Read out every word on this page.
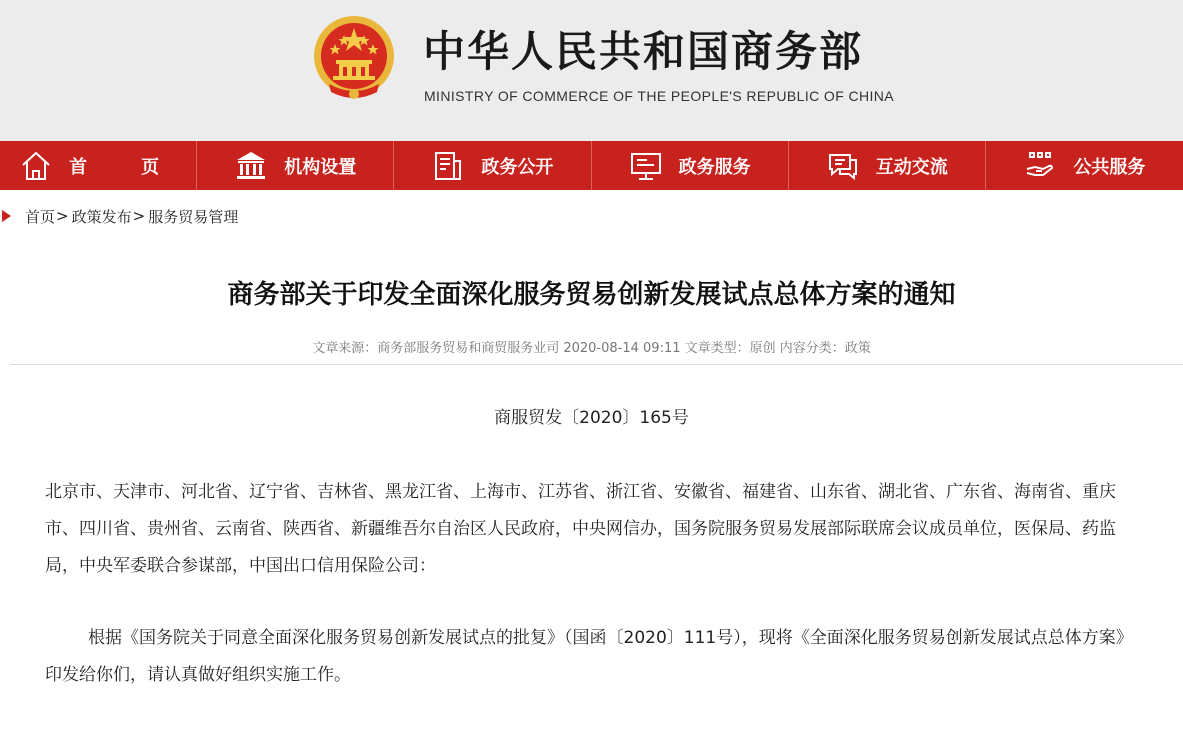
中华人民共和国商务部
MINISTRY OF COMMERCE OF THE PEOPLE'S REPUBLIC OF CHINA
首　页	机构设置	政务公开	政务服务	互动交流	公共服务
首页 > 政策发布 > 服务贸易管理
商务部关于印发全面深化服务贸易创新发展试点总体方案的通知
文章来源：商务部服务贸易和商贸服务业司 2020-08-14 09:11 文章类型：原创 内容分类：政策
商服贸发〔2020〕165号
北京市、天津市、河北省、辽宁省、吉林省、黑龙江省、上海市、江苏省、浙江省、安徽省、福建省、山东省、湖北省、广东省、海南省、重庆市、四川省、贵州省、云南省、陕西省、新疆维吾尔自治区人民政府，中央网信办，国务院服务贸易发展部际联席会议成员单位，医保局、药监局，中央军委联合参谋部，中国出口信用保险公司：
根据《国务院关于同意全面深化服务贸易创新发展试点的批复》（国函〔2020〕111号），现将《全面深化服务贸易创新发展试点总体方案》印发给你们，请认真做好组织实施工作。
